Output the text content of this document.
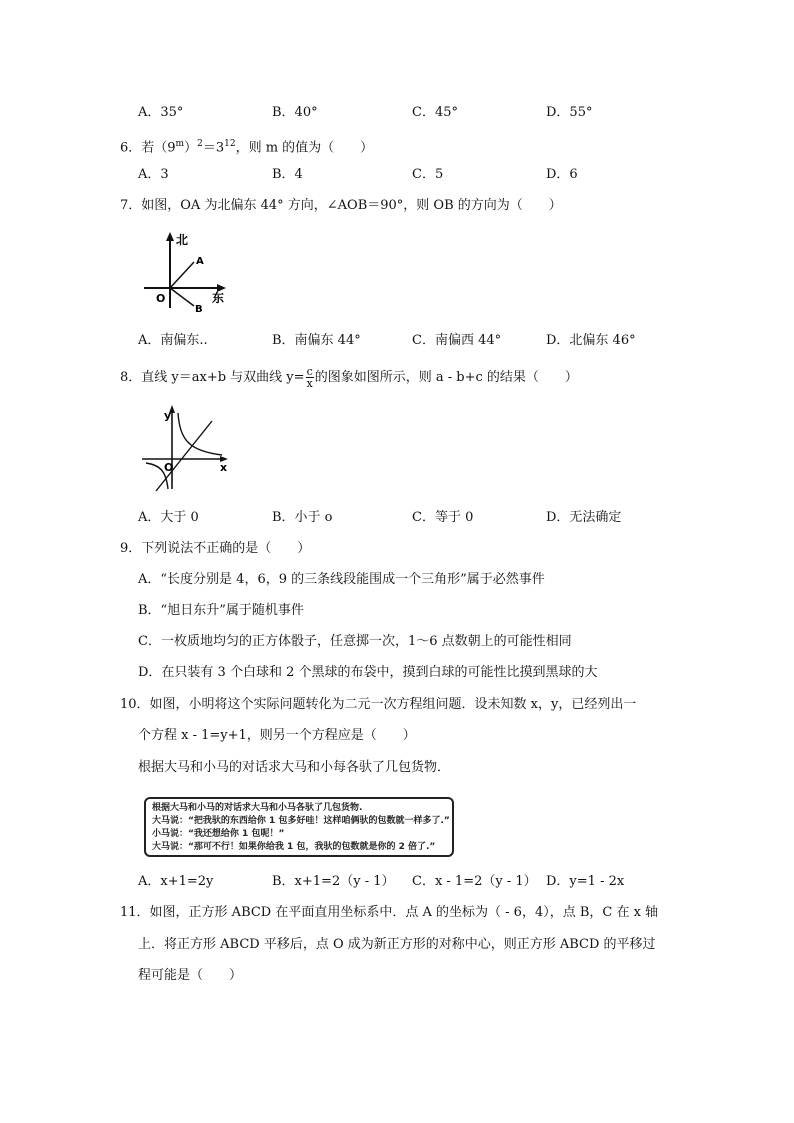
A．35°	B．40°	C．45°	D．55°
6．若$(9^m)^2=3^{12}$，则 m 的值为（　　）
A．3	B．4	C．5	D．6
7．如图，OA 为北偏东 44° 方向，∠AOB＝90°，则 OB 的方向为（　　）
北
A
O
B
东
A．南偏东..	B．南偏东 44°	C．南偏西 44°	D．北偏东 46°
8．直线 y＝ax+b 与双曲线 $y= \frac{c}{x}$ 的图象如图所示，则 a - b+c 的结果（　　）
y
O	x
A．大于 0	B．小于 o	C．等于 0	D．无法确定
9．下列说法不正确的是（　　）
A．“长度分别是 4，6，9 的三条线段能围成一个三角形”属于必然事件
B．“旭日东升”属于随机事件
C．一枚质地均匀的正方体骰子，任意掷一次，1～6 点数朝上的可能性相同
D．在只装有 3 个白球和 2 个黑球的布袋中，摸到白球的可能性比摸到黑球的大
10．如图，小明将这个实际问题转化为二元一次方程组问题．设未知数 x，y，已经列出一
个方程 x - 1=y+1，则另一个方程应是（　　）
根据大马和小马的对话求大马和小每各驮了几包货物．
根据大马和小马的对话求大马和小马各驮了几包货物.
大马说：“把我驮的东西给你 1 包多好哇！这样咱俩驮的包数就一样多了.”
小马说：“我还想给你 1 包呢！”
大马说：“那可不行！如果你给我 1 包，我驮的包数就是你的 2 倍了.”
A．x+1=2y	B．x+1=2（y - 1） C．x - 1=2（y - 1） D．y=1 - 2x
11．如图，正方形 ABCD 在平面直用坐标系中．点 A 的坐标为（ - 6，4），点 B，C 在 x 轴
上．将正方形 ABCD 平移后，点 O 成为新正方形的对称中心，则正方形 ABCD 的平移过
程可能是（　　）
